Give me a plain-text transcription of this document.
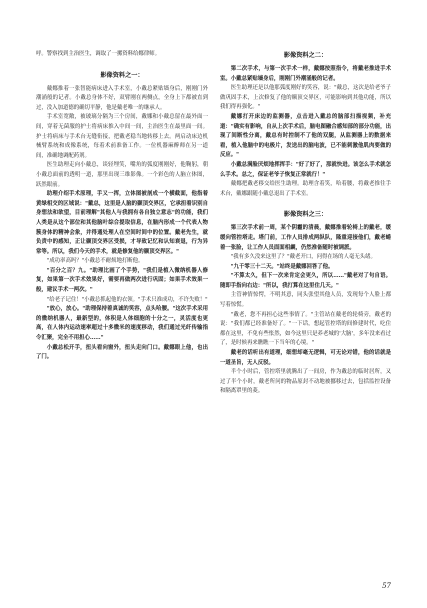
呼。警察找到主治医生，调取了一摞资料给娜律师。

影像资料之一：

戴娜推着一张智能病床进入手术室，小戴总紧贴墙身后，刚刚门外潮涌般的记者。小戴总身体不好，双臂刚在两侧点，全身上下都被直到过，没入加道德的确切平静，他是戴老唯一的继承人。

手术室宽敞，被玻璃分隔为三个房间，戴娜和小戴总留在最外面一间，穿着无菌服的护士将病床推入中间一间，主治医生在最里面一间。护士将病床与手术台无缝衔接，把戴老稳当地转移上去。两启动床边机械臂系统和成像系统，每着术前准备工作。一位机器麻醉师在另一道间，准确地调配药剂。

医生助理走向小戴总，谈轻埋笑，嘴角的弧度刚刚好，他鞠躬，朝小戴总面前的透明一道，那里出现三维影像。一个彩色的人脑立体图，跃然眼前。

助理介绍手术原理，手又一挥，立体图被剖成一个横截面，他指着黄绿相交的区域说："戴总，这里是人脑的颞顶交界区，它承担着识别自身想法和欲望，目前理解"其他人与我拥有各自独立意志"的功能，我们人类是从这个部位和其他脑叶综合提取信息，在脑内形成一个代表人物簇身体的精神会象，并得通处理人在空间时间中的位置。戴老先生，就负责中的感知，正让颞顶交界区受损，才导致记忆和认知衰退，行为异常等。所以，我们今天的手术，就是修复他的颞顶交界区。"

"成功率高吗？"小戴总不耐烦地打断他。

"百分之百？九。"助理比画了个手势，"我们是植入微纳机器人修复，如果第一次手术效果好，需要再做两次进行巩固；如果手术效果一般，建议手术一两次。"

"给老子记住！"小戴总抓起他的衣领。"手术只准成功，不许失败！"

"放心，放心。"助理保持着真诚的笑容，点头哈腰。"这次手术采用的微纳机器人，最新型的，体积是人体细胞的十分之一，灵活度也更高，在人体内运动速率超过十多微米的速度移动，我们通过光纤传输指令汇聚，完全不用担心……"

小戴总松开手，扭头看向窗外，扭头走向门口。戴娜眼上他，也出了门。

影像资料之二：

第二次手术，与第一次手术一样，戴娜按照指令，将戴老推进手术室。小戴总紧贴墙身后，刚刚门外潮涌般的记者。

医生助理还是以他那弧度刚好的笑容，说："戴总，这次是给老爷子做巩固手术，上次修复了他的颞顶交界区，可能影响到其他功能，所以我们得再强化。"

戴娜打开床边的监测器，点击进入戴总的脑部扫描视频，补充道："确实有影响，自从上次手术后，脑电图融合感知部的部分功能，出现了间断性分离，戴总有时控制不了他的双腿，从监测器上的数据来看，植入他脑中的电极片，发送出的脑电波，已不能刺激他肌肉要做的反应。"

小戴总满脸厌烦地挥挥手："好了好了，那就快进。该怎么手术就怎么手术。总之，保证老爷子恢复正常就行！"

戴娜把戴老移交给医生助理。助理含着笑，哈着腰，将戴老推往手术台，戴娜跟随小戴总退出了手术室。

影像资料之三：

第三次手术前一周，某个阴霾的清晨，戴娜推着轮椅上的戴老，缓缓向管控塔走。塔门前，工作人员排成两纵队，隆重迎接他们，戴老蜷着一张脸，让工作人员面面相觑，仍然准备随时被调派。

"我有多久没来这里了？"戴老开口，问得在场的人毫无头绪。

"九千零三十二天。"站终是戴娜回答了他。

"不算太久，但下一次来肯定会更久，所以……"戴老对了句自语。随即手指向右边："所以，我打算在这里住几天。"

主管神情惊愕，不明其意，同头张望其他人员，发现每个人脸上都写着惊慌。

"戴老，您不再担心这些事情了。"主管站在戴老的轮椅旁，戴老的说："我们都已经准备好了。"一下话，想起管控塔的间修建时代，吃住都在这里，不免有些怅然，如今这里只是养老城的'大脑'，多年没来看过了，是时候再来瞧瞧一下当年的心境。"

戴老的话听出有道理，细想却毫无逻辑，可无论对错，他的话就是一道圣旨，无人反驳。

半个小时后，管控塔里就腾出了一间房，作为戴总的临时居所，又过了半个小时，戴老所问的物品原封不动地被挪移过去，包括监控设备和隔离罩里的菱。

57
